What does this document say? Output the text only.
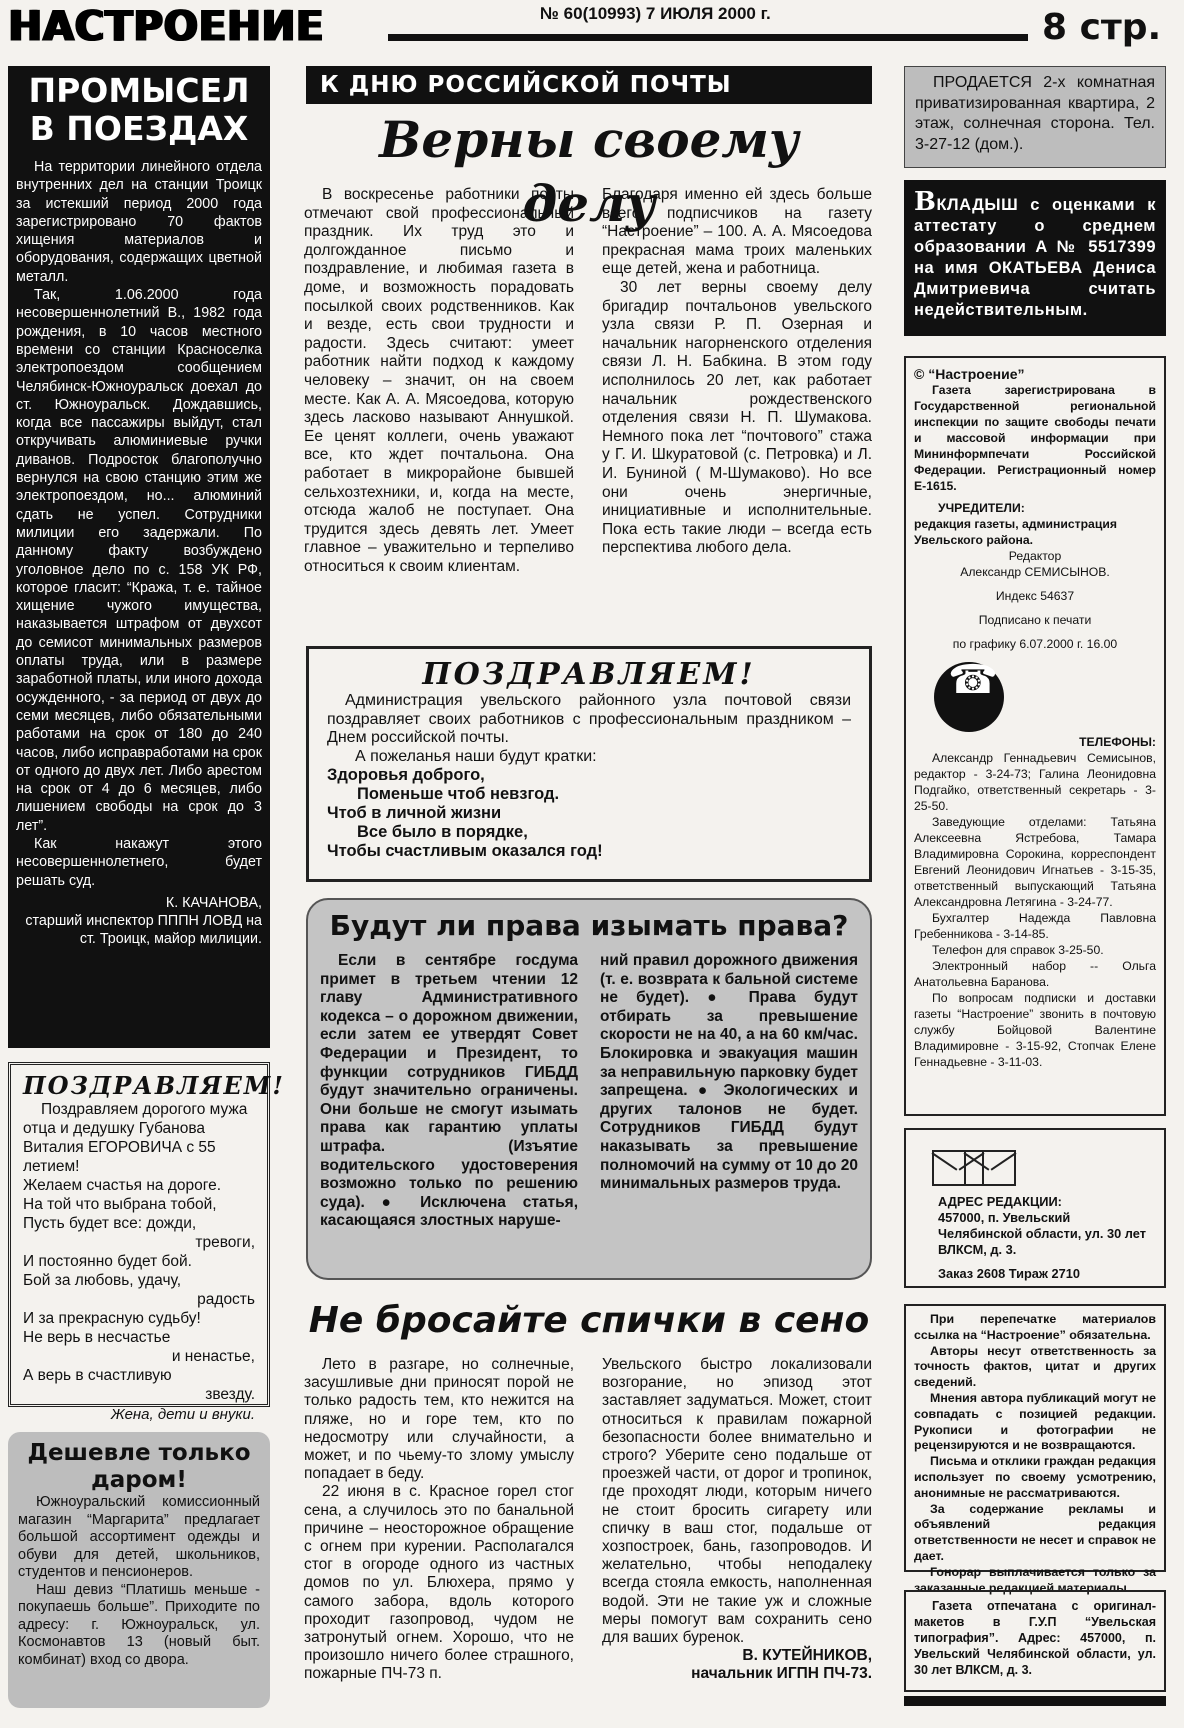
НАСТРОЕНИЕ	№ 60(10993) 7 ИЮЛЯ 2000 г.	8 стр.
ПРОМЫСЕЛ В ПОЕЗДАХ

На территории линейного отдела внутренних дел на станции Троицк за истекший период 2000 года зарегистрировано 70 фактов хищения материалов и оборудования, содержащих цветной металл.

Так, 1.06.2000 года несовершеннолетний В., 1982 года рождения, в 10 часов местного времени со станции Красноселка электропоездом сообщением Челябинск-Южноуральск доехал до ст. Южноуральск. Дождавшись, когда все пассажиры выйдут, стал откручивать алюминиевые ручки диванов. Подросток благополучно вернулся на свою станцию этим же электропоездом, но... алюминий сдать не успел. Сотрудники милиции его задержали. По данному факту возбуждено уголовное дело по с. 158 УК РФ, которое гласит: “Кража, т. е. тайное хищение чужого имущества, наказывается штрафом от двухсот до семисот минимальных размеров оплаты труда, или в размере заработной платы, или иного дохода осужденного, - за период от двух до семи месяцев, либо обязательными работами на срок от 180 до 240 часов, либо исправработами на срок от одного до двух лет. Либо арестом на срок от 4 до 6 месяцев, либо лишением свободы на срок до 3 лет”.

Как накажут этого несовершеннолетнего, будет решать суд.

К. КАЧАНОВА,
старший инспектор ПППН ЛОВД на ст. Троицк, майор милиции.
ПОЗДРАВЛЯЕМ!
Поздравляем дорогого мужа отца и дедушку Губанова Виталия ЕГОРОВИЧА с 55 летием!
Желаем счастья на дороге.
На той что выбрана тобой,
Пусть будет все: дожди,
тревоги,
И постоянно будет бой.
Бой за любовь, удачу,
радость
И за прекрасную судьбу!
Не верь в несчастье
и ненастье,
А верь в счастливую
звезду.
Жена, дети и внуки.
Дешевле только даром!

Южноуральский комиссионный магазин “Маргарита” предлагает большой ассортимент одежды и обуви для детей, школьников, студентов и пенсионеров.

Наш девиз “Платишь меньше - покупаешь больше”. Приходите по адресу: г. Южноуральск, ул. Космонавтов 13 (новый быт. комбинат) вход со двора.

К ДНЮ РОССИЙСКОЙ ПОЧТЫ
Верны своему делу

В воскресенье работники почты отмечают свой профессиональный праздник. Их труд это и долгожданное письмо и поздравление, и любимая газета в доме, и возможность порадовать посылкой своих родственников. Как и везде, есть свои трудности и радости. Здесь считают: умеет работник найти подход к каждому человеку – значит, он на своем месте. Как А. А. Мясоедова, которую здесь ласково называют Аннушкой. Ее ценят коллеги, очень уважают все, кто ждет почтальона. Она работает в микрорайоне бывшей сельхозтехники, и, когда на месте, отсюда жалоб не поступает. Она трудится здесь девять лет. Умеет главное – уважительно и терпеливо относиться к своим клиентам.

Благодаря именно ей здесь больше всего подписчиков на газету “Настроение” – 100. А. А. Мясоедова прекрасная мама троих маленьких еще детей, жена и работница.

30 лет верны своему делу бригадир почтальонов увельского узла связи Р. П. Озерная и начальник нагорненского отделения связи Л. Н. Бабкина. В этом году исполнилось 20 лет, как работает начальник рождественского отделения связи Н. П. Шумакова. Немного пока лет “почтового” стажа у Г. И. Шкуратовой (с. Петровка) и Л. И. Буниной ( М-Шумаково). Но все они очень энергичные, инициативные и исполнительные. Пока есть такие люди – всегда есть перспектива любого дела.

ПОЗДРАВЛЯЕМ!

Администрация увельского районного узла почтовой связи поздравляет своих работников с профессиональным праздником – Днем российской почты.

А пожеланья наши будут кратки:
Здоровья доброго,
Поменьше чтоб невзгод.
Чтоб в личной жизни
Все было в порядке,
Чтобы счастливым оказался год!
Будут ли права изымать права?

Если в сентябре госдума примет в третьем чтении 12 главу Административного кодекса – о дорожном движении, если затем ее утвердят Совет Федерации и Президент, то функции сотрудников ГИБДД будут значительно ограничены. Они больше не смогут изымать права как гарантию уплаты штрафа. (Изъятие водительского удостоверения возможно только по решению суда). ● Исключена статья, касающаяся злостных наруше-

ний правил дорожного движения (т. е. возврата к бальной системе не будет). ● Права будут отбирать за превышение скорости не на 40, а на 60 км/час. Блокировка и эвакуация машин за неправильную парковку будет запрещена. ● Экологических и других талонов не будет. Сотрудников ГИБДД будут наказывать за превышение полномочий на сумму от 10 до 20 минимальных размеров труда.

Не бросайте спички в сено

Лето в разгаре, но солнечные, засушливые дни приносят порой не только радость тем, кто нежится на пляже, но и горе тем, кто по недосмотру или случайности, а может, и по чьему-то злому умыслу попадает в беду.

22 июня в с. Красное горел стог сена, а случилось это по банальной причине – неосторожное обращение с огнем при курении. Располагался стог в огороде одного из частных домов по ул. Блюхера, прямо у самого забора, вдоль которого проходит газопровод, чудом не затронутый огнем. Хорошо, что не произошло ничего более страшного, пожарные ПЧ-73 п.

Увельского быстро локализовали возгорание, но эпизод этот заставляет задуматься. Может, стоит относиться к правилам пожарной безопасности более внимательно и строго? Уберите сено подальше от проезжей части, от дорог и тропинок, где проходят люди, которым ничего не стоит бросить сигарету или спичку в ваш стог, подальше от хозпостроек, бань, газопроводов. И желательно, чтобы неподалеку всегда стояла емкость, наполненная водой. Эти не такие уж и сложные меры помогут вам сохранить сено для ваших буренок.

В. КУТЕЙНИКОВ,
начальник ИГПН ПЧ-73.

ПРОДАЕТСЯ 2-х комнатная приватизированная квартира, 2 этаж, солнечная сторона. Тел. 3-27-12 (дом.).

ВКЛАДЫШ с оценками к аттестату о среднем образовании А № 5517399 на имя ОКАТЬЕВА Дениса Дмитриевича считать недействительным.

© “Настроение”

Газета зарегистрирована в Государственной региональной инспекции по защите свободы печати и массовой информации при Мининформпечати Российской Федерации. Регистрационный номер Е-1615.

УЧРЕДИТЕЛИ:
редакция газеты, администрация Увельского района.
Редактор
Александр СЕМИСЫНОВ.
Индекс 54637
Подписано к печати
по графику 6.07.2000 г. 16.00
☎
ТЕЛЕФОНЫ:

Александр Геннадьевич Семисынов, редактор - 3-24-73; Галина Леонидовна Подгайко, ответственный секретарь - 3-25-50.

Заведующие отделами: Татьяна Алексеевна Ястребова, Тамара Владимировна Сорокина, корреспондент Евгений Леонидович Игнатьев - 3-15-35, ответственный выпускающий Татьяна Александровна Летягина - 3-24-77.

Бухгалтер Надежда Павловна Гребенникова - 3-14-85.

Телефон для справок 3-25-50.

Электронный набор -- Ольга Анатольевна Баранова.

По вопросам подписки и доставки газеты “Настроение” звонить в почтовую службу Бойцовой Валентине Владимировне - 3-15-92, Стопчак Елене Геннадьевне - 3-11-03.

АДРЕС РЕДАКЦИИ:
457000, п. Увельский Челябинской области, ул. 30 лет ВЛКСМ, д. 3.
Заказ 2608 Тираж 2710

При перепечатке материалов ссылка на “Настроение” обязательна.

Авторы несут ответственность за точность фактов, цитат и других сведений.

Мнения автора публикаций могут не совпадать с позицией редакции. Рукописи и фотографии не рецензируются и не возвращаются.

Письма и отклики граждан редакция использует по своему усмотрению, анонимные не рассматриваются.

За содержание рекламы и объявлений редакция ответственности не несет и справок не дает.

Гонорар выплачивается только за заказанные редакцией материалы.

Газета отпечатана с оригинал-макетов в Г.У.П “Увельская типография”. Адрес: 457000, п. Увельский Челябинской области, ул. 30 лет ВЛКСМ, д. 3.
